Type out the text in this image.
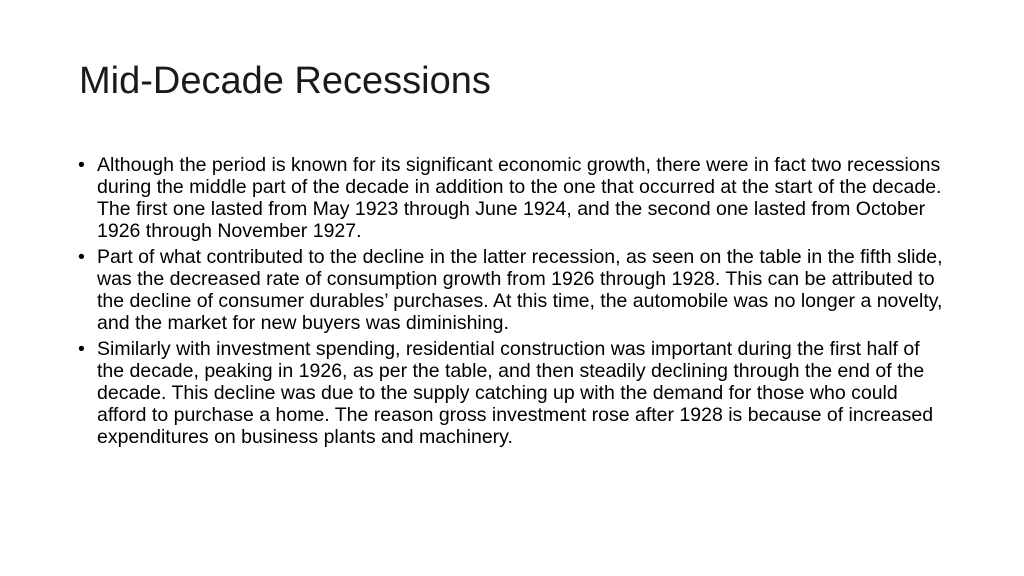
Mid-Decade Recessions
• Although the period is known for its significant economic growth, there were in fact two recessions during the middle part of the decade in addition to the one that occurred at the start of the decade. The first one lasted from May 1923 through June 1924, and the second one lasted from October 1926 through November 1927.
• Part of what contributed to the decline in the latter recession, as seen on the table in the fifth slide, was the decreased rate of consumption growth from 1926 through 1928. This can be attributed to the decline of consumer durables’ purchases. At this time, the automobile was no longer a novelty, and the market for new buyers was diminishing.
• Similarly with investment spending, residential construction was important during the first half of the decade, peaking in 1926, as per the table, and then steadily declining through the end of the decade. This decline was due to the supply catching up with the demand for those who could afford to purchase a home. The reason gross investment rose after 1928 is because of increased expenditures on business plants and machinery.
